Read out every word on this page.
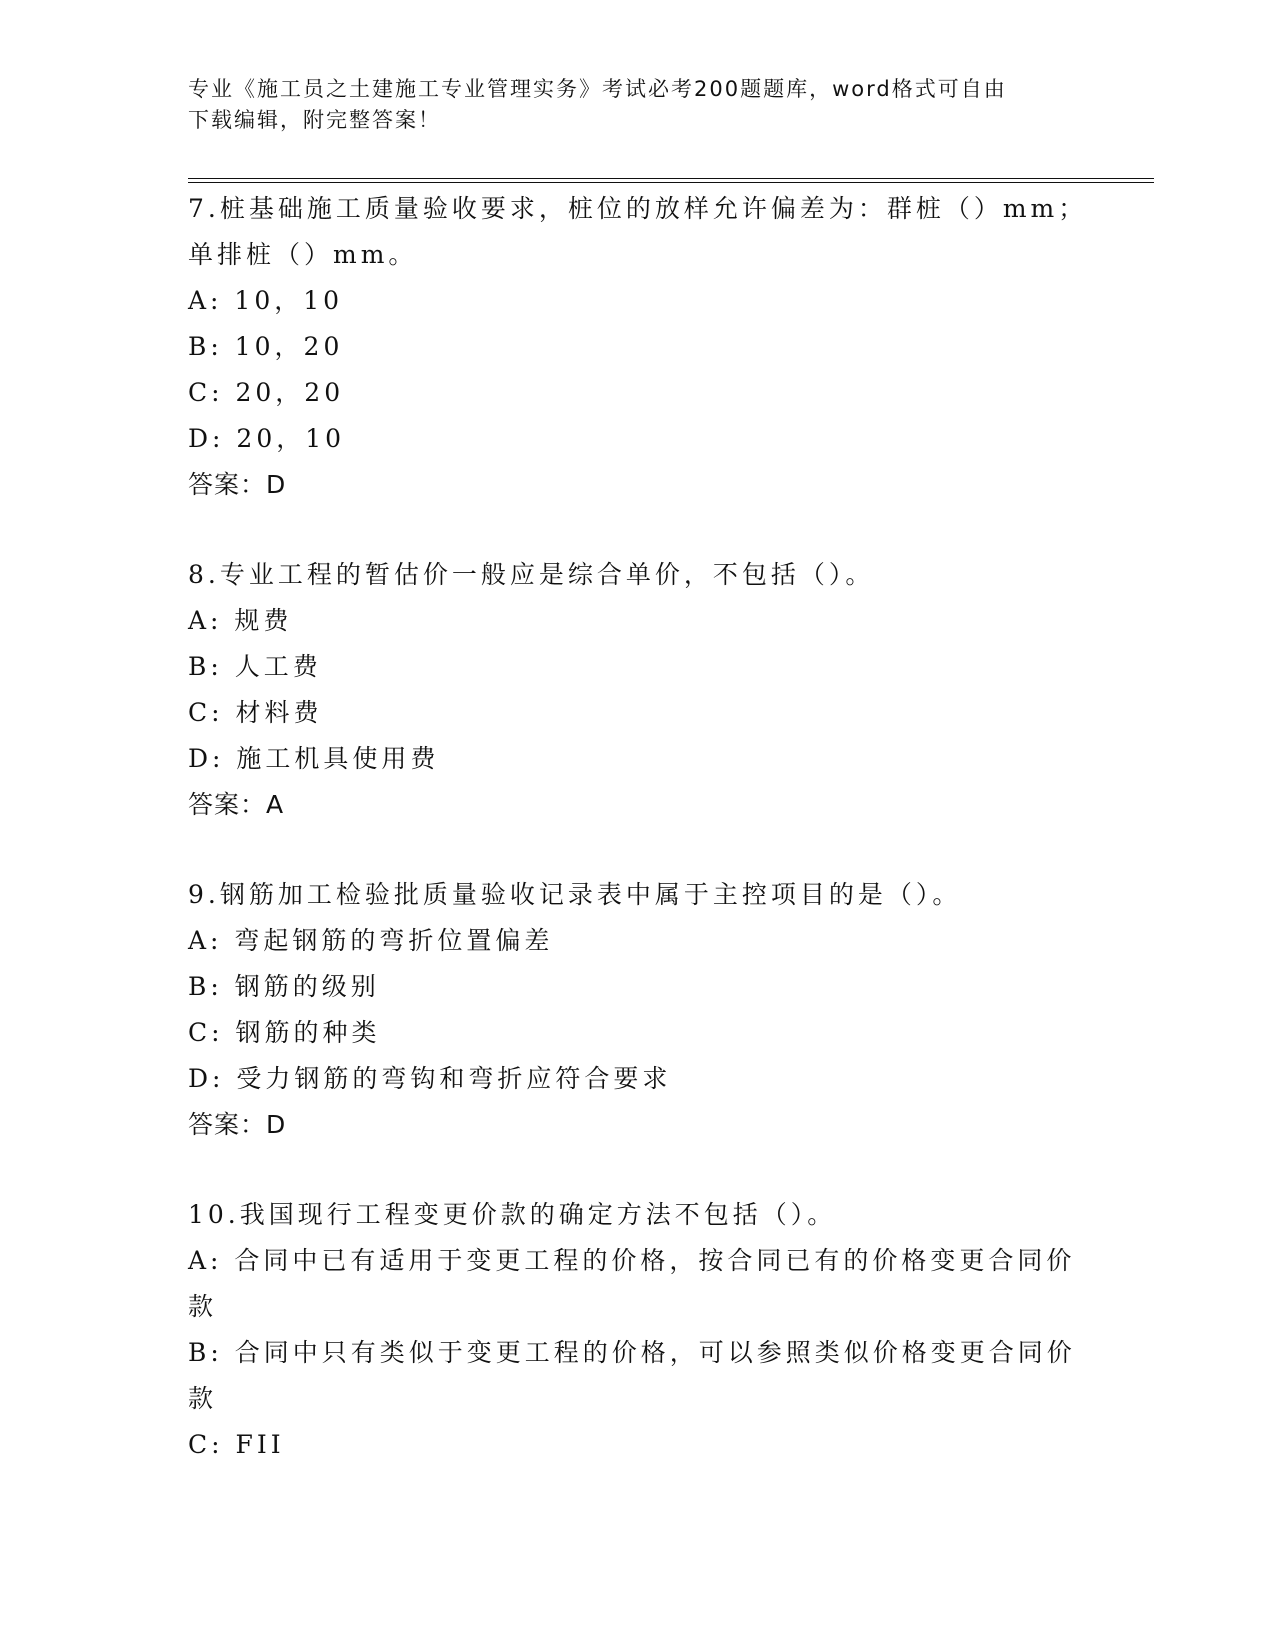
专业《施工员之土建施工专业管理实务》考试必考200题题库，word格式可自由
下载编辑，附完整答案！
7.桩基础施工质量验收要求，桩位的放样允许偏差为：群桩（）mm；
单排桩（）mm。
A: 10，10
B: 10，20
C: 20，20
D: 20，10
答案：D
8.专业工程的暂估价一般应是综合单价，不包括（）。
A: 规费
B: 人工费
C: 材料费
D: 施工机具使用费
答案：A
9.钢筋加工检验批质量验收记录表中属于主控项目的是（）。
A: 弯起钢筋的弯折位置偏差
B: 钢筋的级别
C: 钢筋的种类
D: 受力钢筋的弯钩和弯折应符合要求
答案：D
10.我国现行工程变更价款的确定方法不包括（）。
A: 合同中已有适用于变更工程的价格，按合同已有的价格变更合同价
款
B: 合同中只有类似于变更工程的价格，可以参照类似价格变更合同价
款
C: FII
